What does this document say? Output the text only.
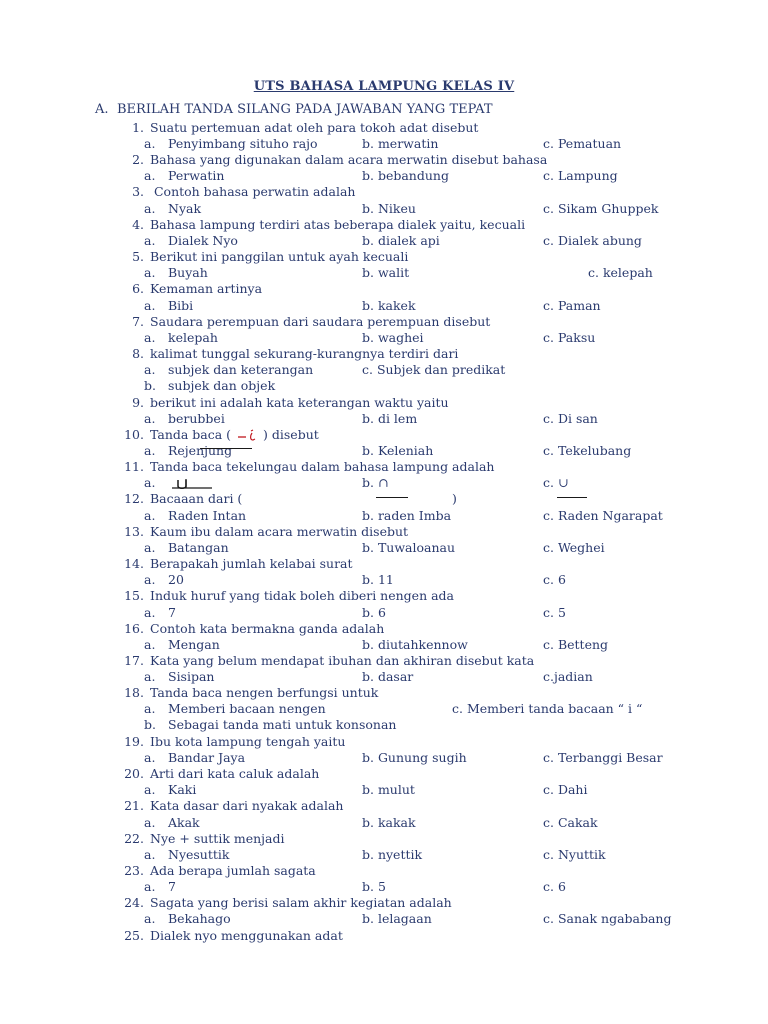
UTS BAHASA LAMPUNG KELAS IV
A. BERILAH TANDA SILANG PADA JAWABAN YANG TEPAT
1. Suatu pertemuan adat oleh para tokoh adat disebut
a. Penyimbang situho rajo	b. merwatin	c. Pematuan
2. Bahasa yang digunakan dalam acara merwatin disebut bahasa
a. Perwatin	b. bebandung	c. Lampung
3. Contoh bahasa perwatin adalah
a. Nyak	b. Nikeu	c. Sikam Ghuppek
4. Bahasa lampung terdiri atas beberapa dialek yaitu, kecuali
a. Dialek Nyo	b. dialek api	c. Dialek abung
5. Berikut ini panggilan untuk ayah kecuali
a. Buyah	b. walit	c. kelepah
6. Kemaman artinya
a. Bibi	b. kakek	c. Paman
7. Saudara perempuan dari saudara perempuan disebut
a. kelepah	b. waghei	c. Paksu
8. kalimat tunggal sekurang-kurangnya terdiri dari
a. subjek dan keterangan	c. Subjek dan predikat
b. subjek dan objek
9. berikut ini adalah kata keterangan waktu yaitu
a. berubbei	b. di lem	c. Di san
10. Tanda baca (	) disebut
a. Rejenjung	b. Keleniah	c. Tekelubang
11. Tanda baca tekelungau dalam bahasa lampung adalah
a.	b. ∩	c. ∪
12. Bacaaan dari (	)
a. Raden Intan	b. raden Imba	c. Raden Ngarapat
13. Kaum ibu dalam acara merwatin disebut
a. Batangan	b. Tuwaloanau	c. Weghei
14. Berapakah jumlah kelabai surat
a. 20	b. 11	c. 6
15. Induk huruf yang tidak boleh diberi nengen ada
a. 7	b. 6	c. 5
16. Contoh kata bermakna ganda adalah
a. Mengan	b. diutahkennow	c. Betteng
17. Kata yang belum mendapat ibuhan dan akhiran disebut kata
a. Sisipan	b. dasar	c.jadian
18. Tanda baca nengen berfungsi untuk
a. Memberi bacaan nengen	c. Memberi tanda bacaan “ i “
b. Sebagai tanda mati untuk konsonan
19. Ibu kota lampung tengah yaitu
a. Bandar Jaya	b. Gunung sugih	c. Terbanggi Besar
20. Arti dari kata caluk adalah
a. Kaki	b. mulut	c. Dahi
21. Kata dasar dari nyakak adalah
a. Akak	b. kakak	c. Cakak
22. Nye + suttik menjadi
a. Nyesuttik	b. nyettik	c. Nyuttik
23. Ada berapa jumlah sagata
a. 7	b. 5	c. 6
24. Sagata yang berisi salam akhir kegiatan adalah
a. Bekahago	b. lelagaan	c. Sanak ngababang
25. Dialek nyo menggunakan adat
